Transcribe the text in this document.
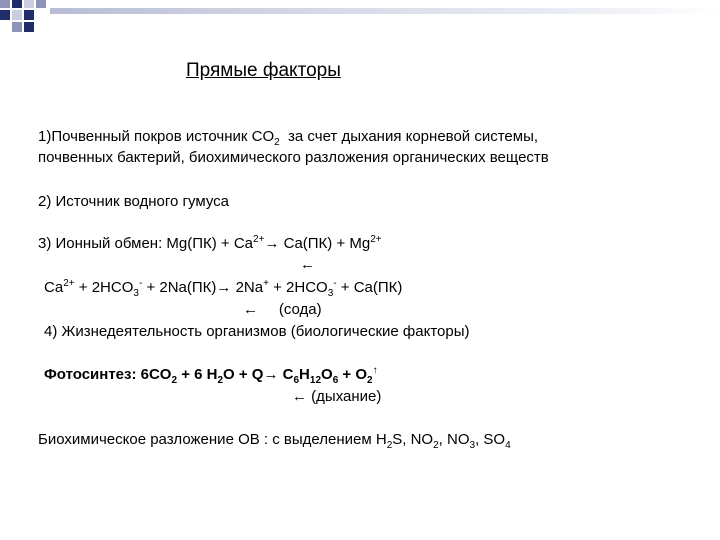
Прямые факторы
1)Почвенный покров источник $CO_2$  за счет дыхания корневой системы,
почвенных бактерий, биохимического разложения органических веществ
2) Источник водного гумуса
3) Ионный обмен: $Mg(ПК) + Ca^{2+}\to Ca(ПК) + Mg^{2+}$
←
$Ca^{2+} + 2HCO_3^- + 2Na(ПК)\to 2Na^+ + 2HCO_3^- + Ca(ПК)$
←     (сода)
4) Жизнедеятельность организмов (биологические факторы)
Фотосинтез: $6CO_2 + 6$ $H_2O + Q\to C_6H_{12}O_6 + O_2^↑$
← (дыхание)
Биохимическое разложение ОВ : с выделением $H_2S$, $NO_2$, $NO_3$, $SO_4$
